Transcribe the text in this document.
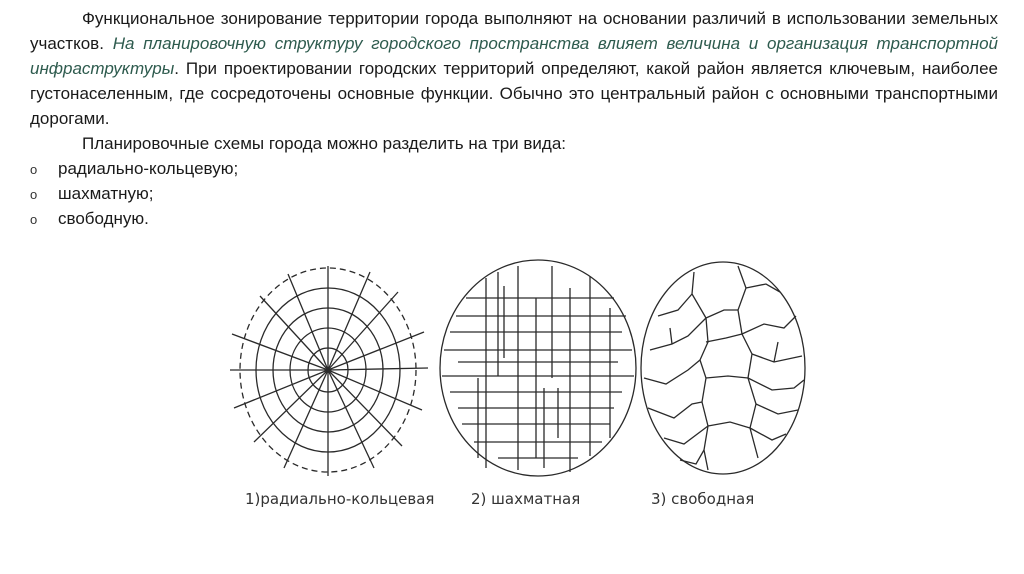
Функциональное зонирование территории города выполняют на основании различий в использовании земельных участков. На планировочную структуру городского пространства влияет величина и организация транспортной инфраструктуры. При проектировании городских территорий определяют, какой район является ключевым, наиболее густонаселенным, где сосредоточены основные функции. Обычно это центральный район с основными транспортными дорогами.

Планировочные схемы города можно разделить на три вида:

o радиально-кольцевую;
o шахматную;
o свободную.
1)радиально-кольцевая 2) шахматная	3) свободная
